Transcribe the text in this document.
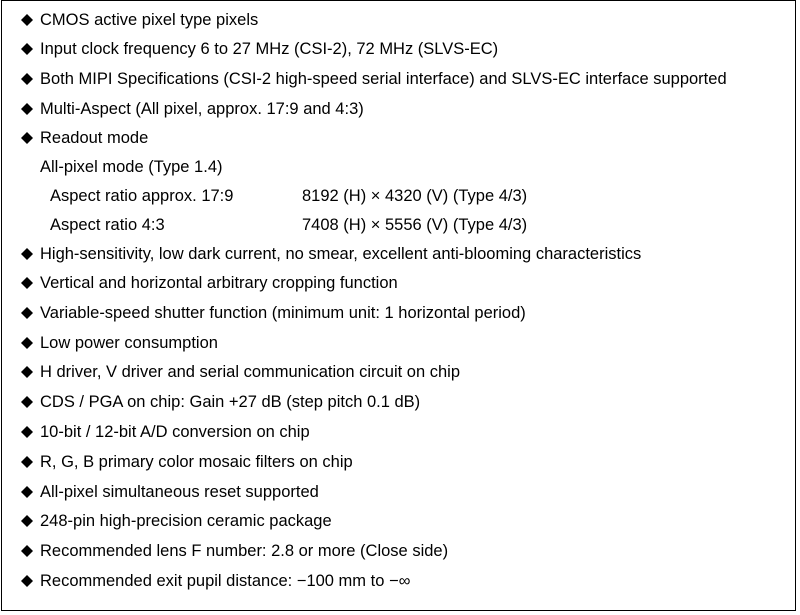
CMOS active pixel type pixels
Input clock frequency 6 to 27 MHz (CSI-2), 72 MHz (SLVS-EC)
Both MIPI Specifications (CSI-2 high-speed serial interface) and SLVS-EC interface supported
Multi-Aspect (All pixel, approx. 17:9 and 4:3)
Readout mode
All-pixel mode (Type 1.4)
Aspect ratio approx. 17:9	8192 (H) × 4320 (V) (Type 4/3)
Aspect ratio 4:3	7408 (H) × 5556 (V) (Type 4/3)
High-sensitivity, low dark current, no smear, excellent anti-blooming characteristics
Vertical and horizontal arbitrary cropping function
Variable-speed shutter function (minimum unit: 1 horizontal period)
Low power consumption
H driver, V driver and serial communication circuit on chip
CDS / PGA on chip: Gain +27 dB (step pitch 0.1 dB)
10-bit / 12-bit A/D conversion on chip
R, G, B primary color mosaic filters on chip
All-pixel simultaneous reset supported
248-pin high-precision ceramic package
Recommended lens F number: 2.8 or more (Close side)
Recommended exit pupil distance: −100 mm to −∞
